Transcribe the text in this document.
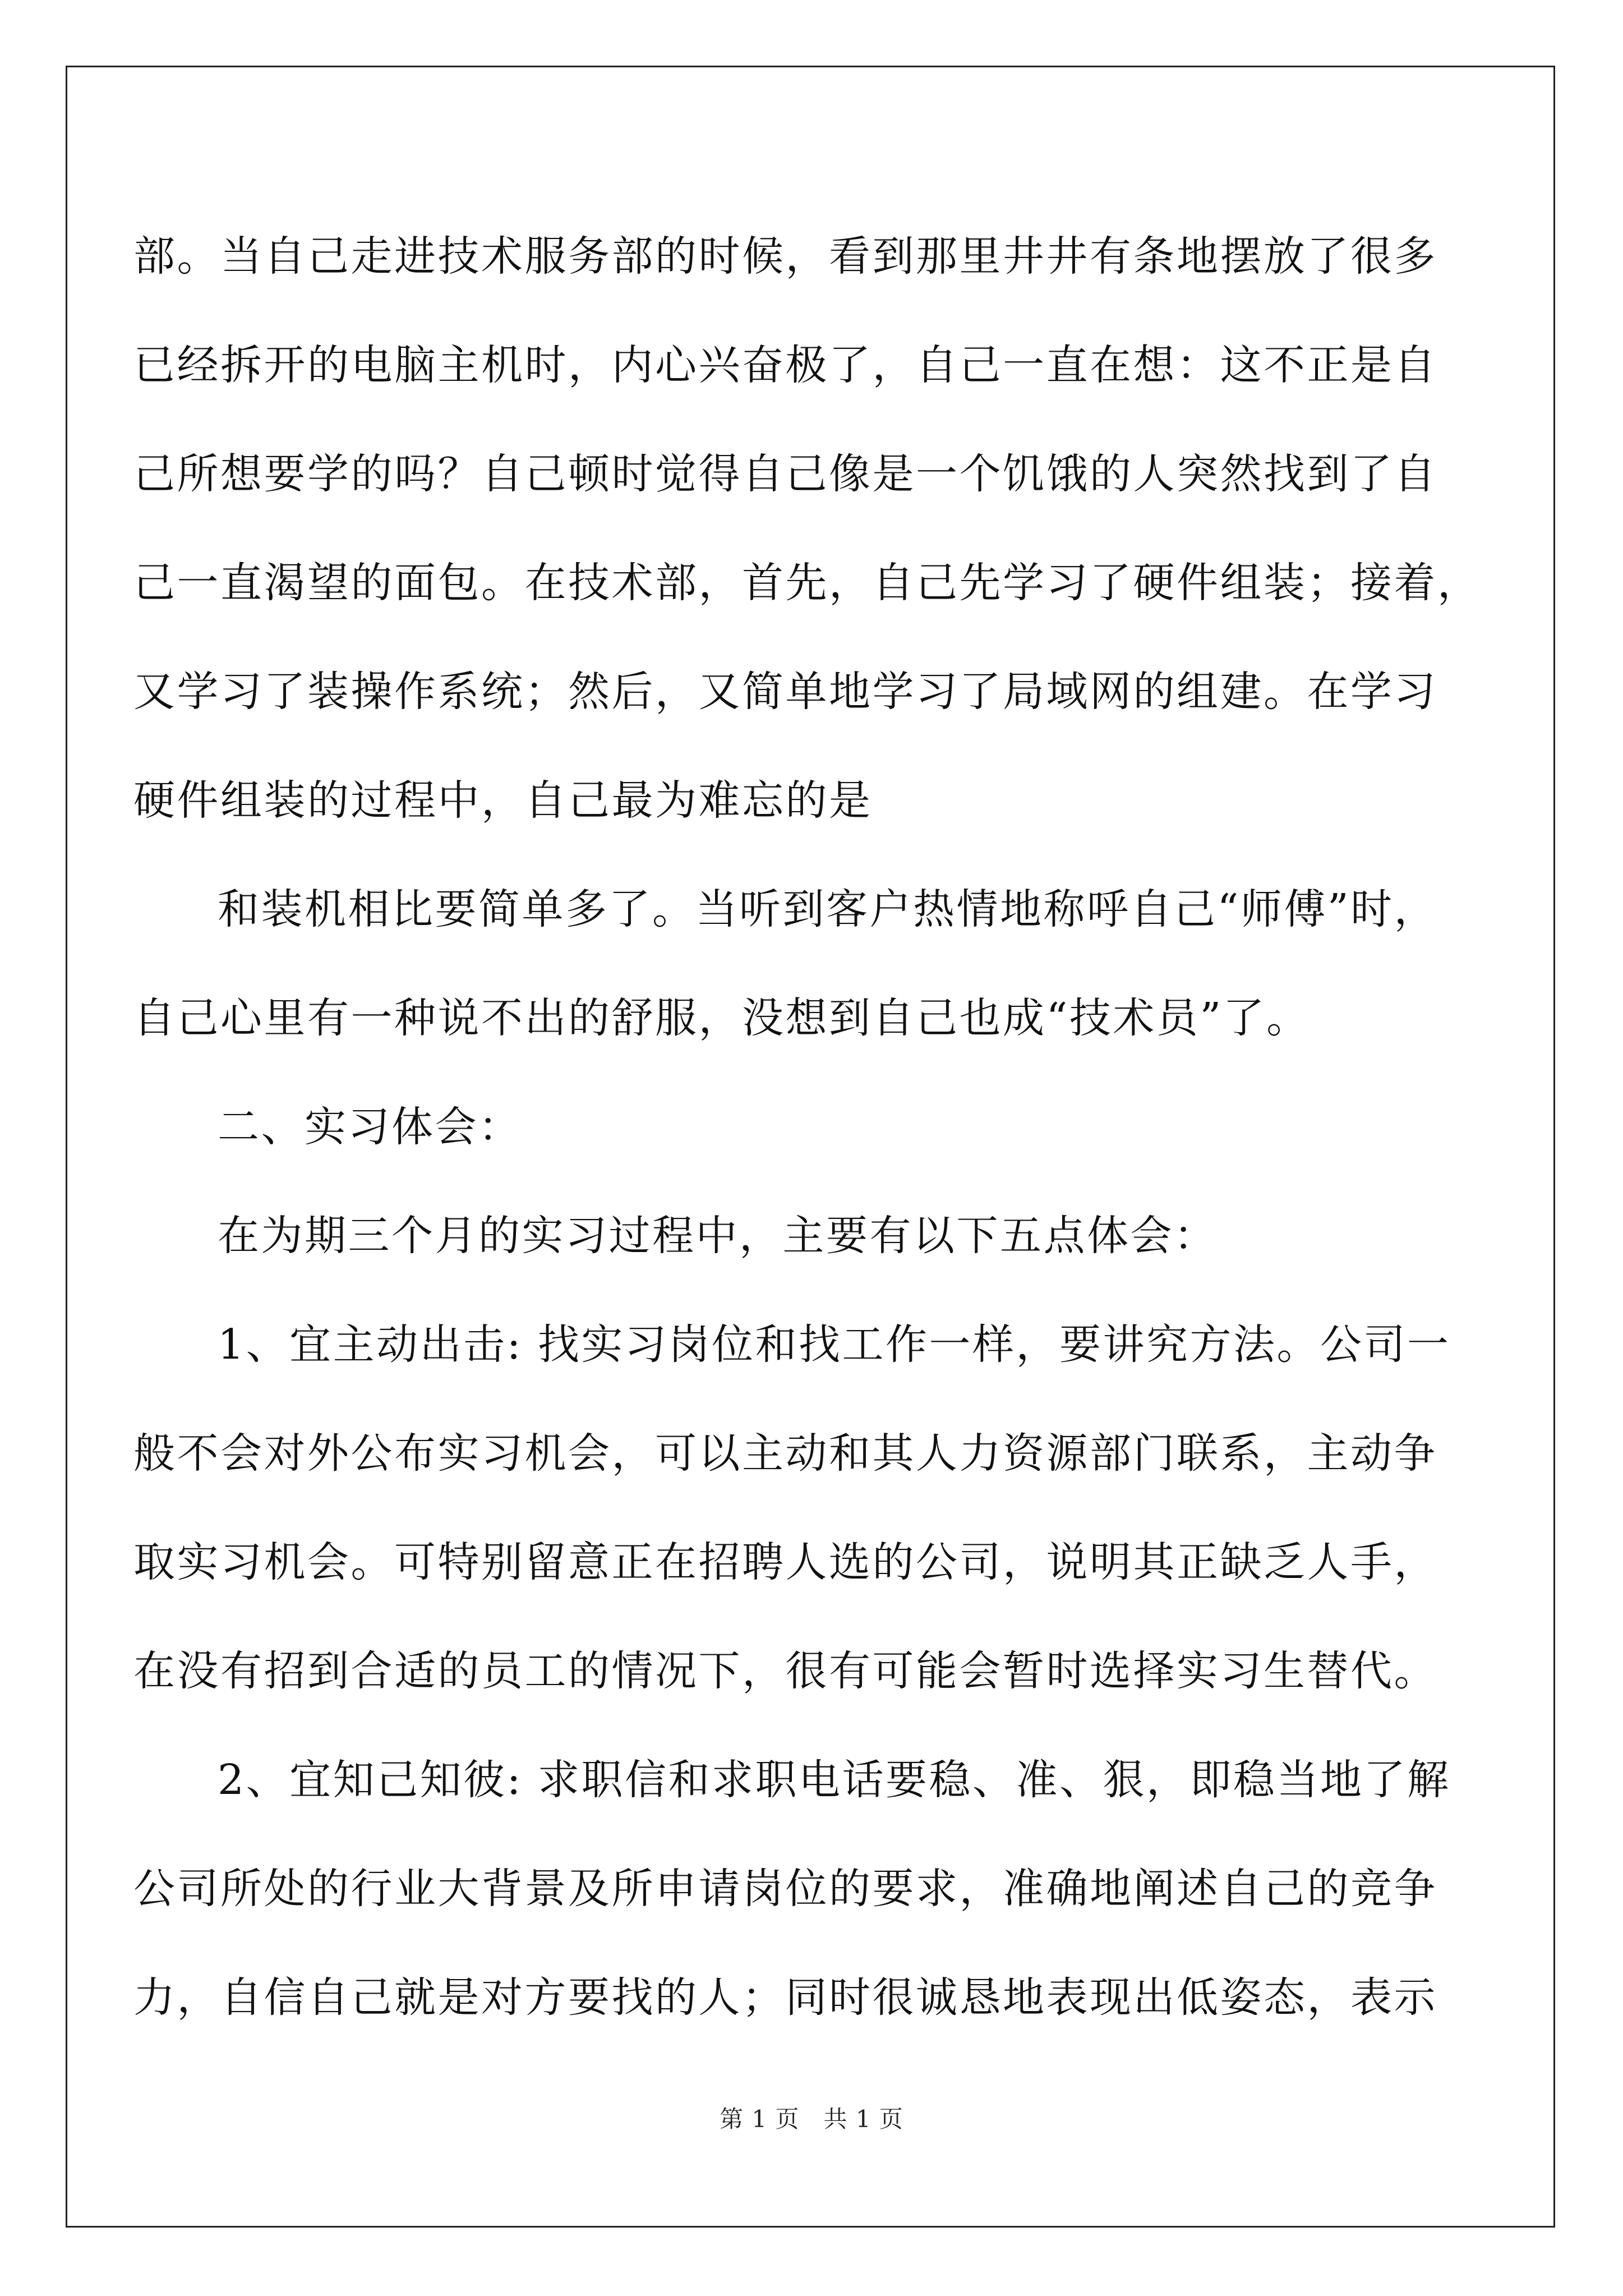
部。当自己走进技术服务部的时候，看到那里井井有条地摆放了很多
已经拆开的电脑主机时，内心兴奋极了，自己一直在想：这不正是自
己所想要学的吗？自己顿时觉得自己像是一个饥饿的人突然找到了自
己一直渴望的面包。在技术部，首先，自己先学习了硬件组装；接着，
又学习了装操作系统；然后，又简单地学习了局域网的组建。在学习
硬件组装的过程中，自己最为难忘的是
和装机相比要简单多了。当听到客户热情地称呼自己“师傅”时，
自己心里有一种说不出的舒服，没想到自己也成“技术员”了。
二、实习体会：
在为期三个月的实习过程中，主要有以下五点体会：
1、宜主动出击: 找实习岗位和找工作一样，要讲究方法。公司一
般不会对外公布实习机会，可以主动和其人力资源部门联系，主动争
取实习机会。可特别留意正在招聘人选的公司，说明其正缺乏人手，
在没有招到合适的员工的情况下，很有可能会暂时选择实习生替代。
2、宜知己知彼: 求职信和求职电话要稳、准、狠，即稳当地了解
公司所处的行业大背景及所申请岗位的要求，准确地阐述自己的竞争
力，自信自己就是对方要找的人；同时很诚恳地表现出低姿态，表示
第 1 页　共 1 页
